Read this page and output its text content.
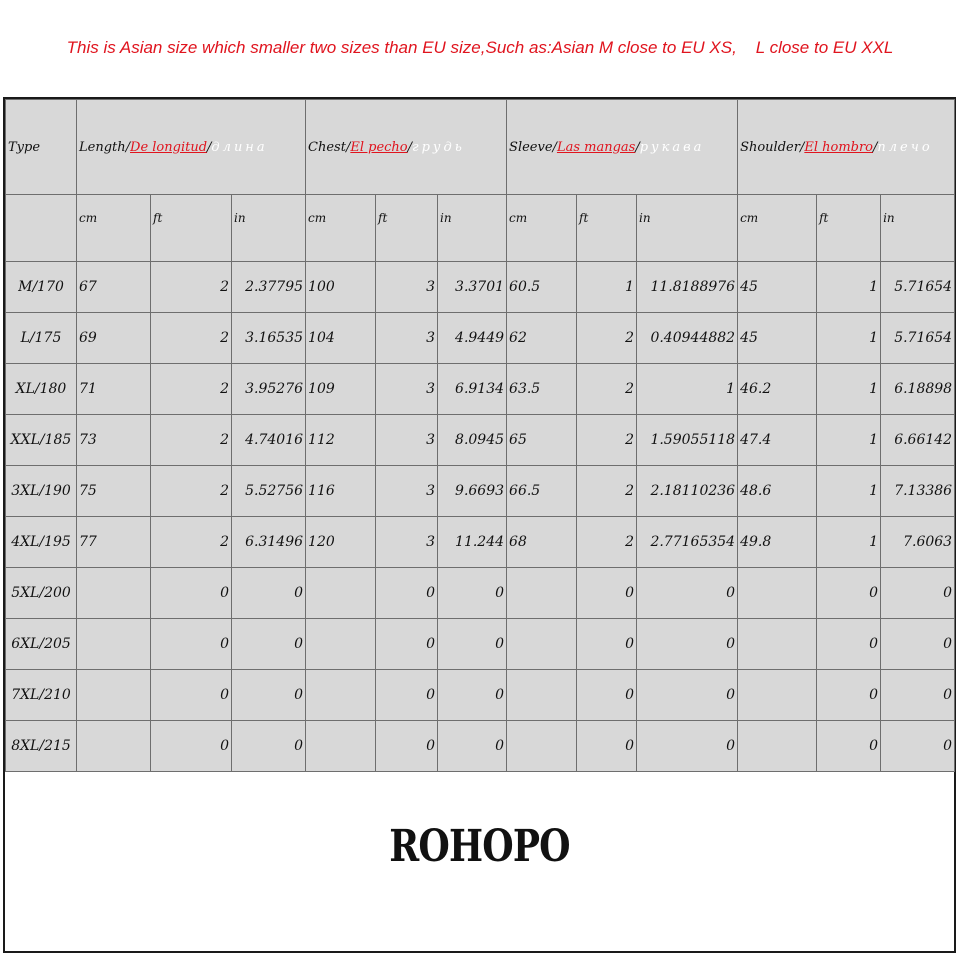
This is Asian size which smaller two sizes than EU size,Such as:Asian M close to EU XS,    L close to EU XXL
Type	Length/De longitud/длина			Chest/El pecho/грудь			Sleeve/Las mangas/рукава			Shoulder/El hombro/плечо		
	cm	ft	in	cm	ft	in	cm	ft	in	cm	ft	in
M/170	67	2	2.37795	100	3	3.3701	60.5	1	11.8188976	45	1	5.71654
L/175	69	2	3.16535	104	3	4.9449	62	2	0.40944882	45	1	5.71654
XL/180	71	2	3.95276	109	3	6.9134	63.5	2	1	46.2	1	6.18898
XXL/185	73	2	4.74016	112	3	8.0945	65	2	1.59055118	47.4	1	6.66142
3XL/190	75	2	5.52756	116	3	9.6693	66.5	2	2.18110236	48.6	1	7.13386
4XL/195	77	2	6.31496	120	3	11.244	68	2	2.77165354	49.8	1	7.6063
5XL/200		0	0		0	0		0	0		0	0
6XL/205		0	0		0	0		0	0		0	0
7XL/210		0	0		0	0		0	0		0	0
8XL/215		0	0		0	0		0	0		0	0
ROHOPO
